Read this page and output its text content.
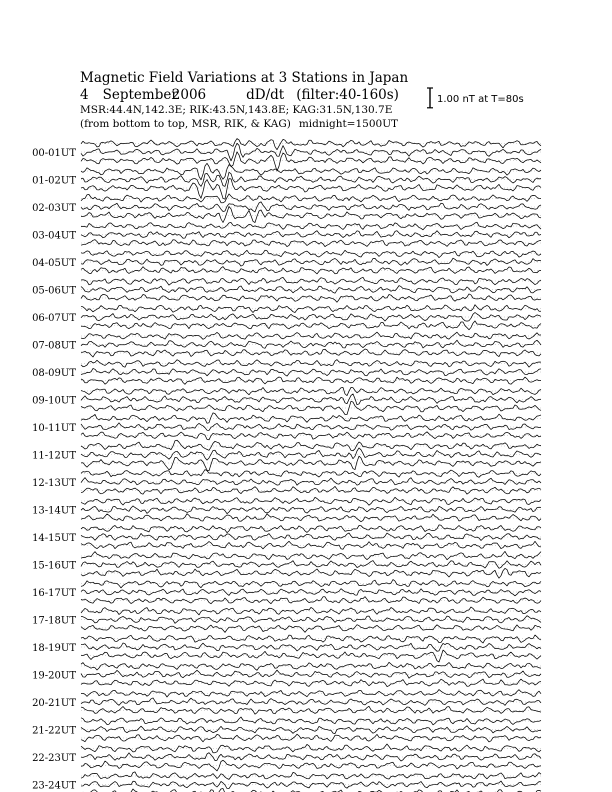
Magnetic Field Variations at 3 Stations in Japan
4 September2006	dD/dt (filter:40-160s)
MSR:44.4N,142.3E; RIK:43.5N,143.8E; KAG:31.5N,130.7E
(from bottom to top, MSR, RIK, & KAG) midnight=1500UT
1.00 nT at T=80s
00-01UT
01-02UT
02-03UT
03-04UT
04-05UT
05-06UT
06-07UT
07-08UT
08-09UT
09-10UT
10-11UT
11-12UT
12-13UT
13-14UT
14-15UT
15-16UT
16-17UT
17-18UT
18-19UT
19-20UT
20-21UT
21-22UT
22-23UT
23-24UT
